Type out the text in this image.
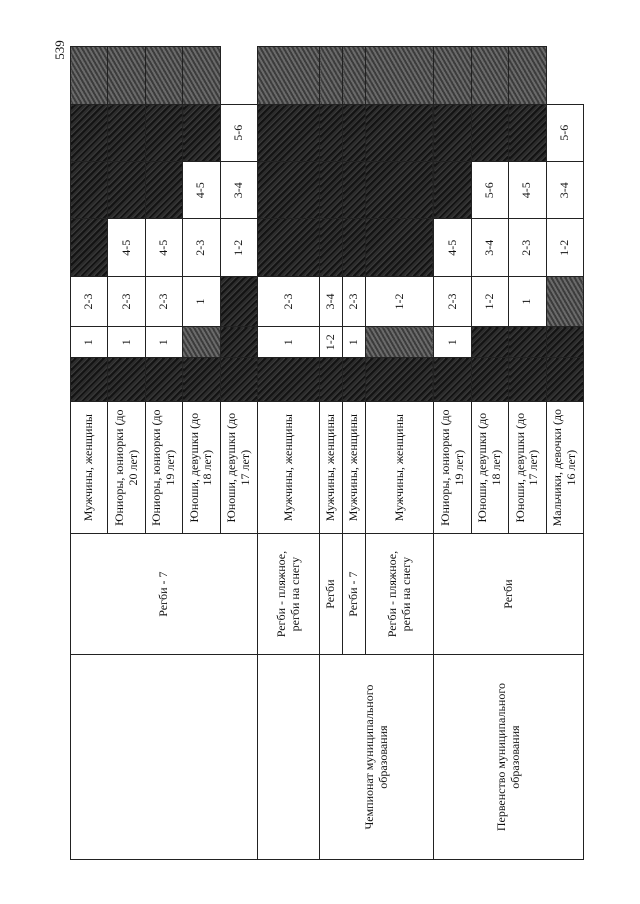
539
	Регби - 7	Мужчины, женщины		1	2-3				
		Юниоры, юниорки (до 20 лет)		1	2-3	4-5			
		Юниоры, юниорки (до 19 лет)		1	2-3	4-5			
		Юноши, девушки (до 18 лет)			1	2-3	4-5		
		Юноши, девушки (до 17 лет)				1-2	3-4	5-6	
	Регби - пляжное, регби на снегу	Мужчины, женщины		1	2-3				
Чемпионат муниципального образования	Регби	Мужчины, женщины		1-2	3-4				
	Регби - 7	Мужчины, женщины		1	2-3				
	Регби - пляжное, регби на снегу	Мужчины, женщины			1-2				
Первенство муниципального образования	Регби	Юниоры, юниорки (до 19 лет)		1	2-3	4-5			
		Юноши, девушки (до 18 лет)			1-2	3-4	5-6		
		Юноши, девушки (до 17 лет)			1	2-3	4-5		
		Мальчики, девочки (до 16 лет)				1-2	3-4	5-6	
